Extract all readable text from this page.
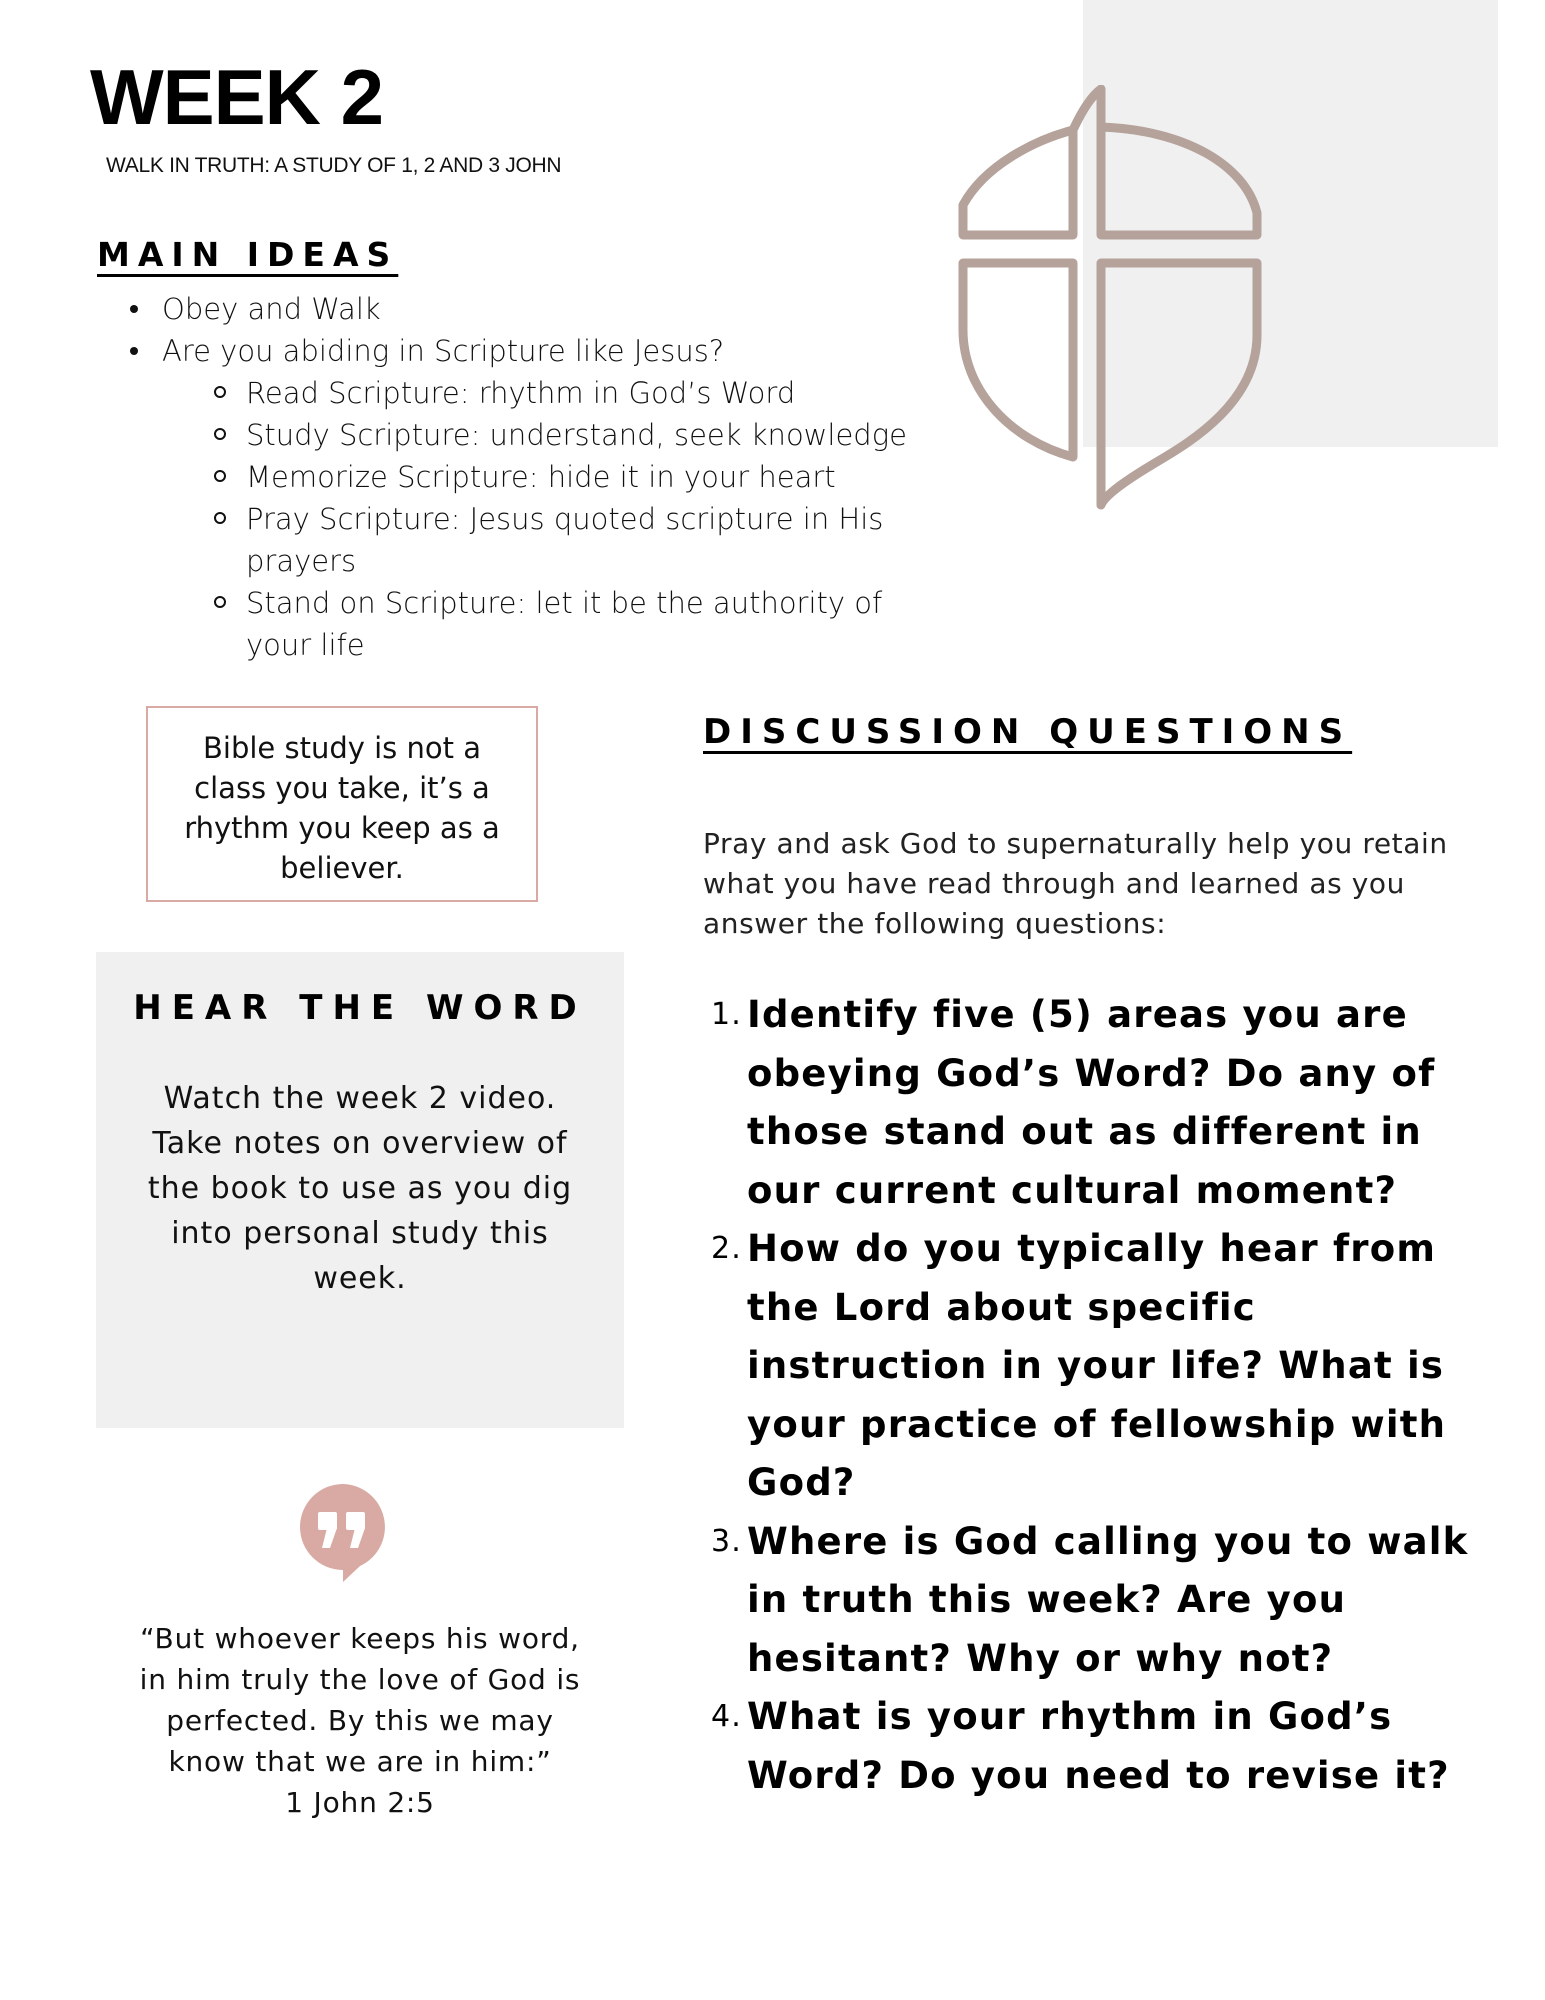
WEEK 2
WALK IN TRUTH: A STUDY OF 1, 2 AND 3 JOHN
MAIN IDEAS
Obey and Walk
Are you abiding in Scripture like Jesus?
Read Scripture: rhythm in God’s Word
Study Scripture: understand, seek knowledge
Memorize Scripture: hide it in your heart
Pray Scripture: Jesus quoted scripture in His prayers
Stand on Scripture: let it be the authority of your life
Bible study is not a class you take, it’s a rhythm you keep as a believer.
HEAR THE WORD
Watch the week 2 video. Take notes on overview of the book to use as you dig into personal study this week.
“But whoever keeps his word, in him truly the love of God is perfected. By this we may know that we are in him:”
1 John 2:5
DISCUSSION QUESTIONS
Pray and ask God to supernaturally help you retain what you have read through and learned as you answer the following questions:
1. Identify five (5) areas you are obeying God’s Word? Do any of those stand out as different in our current cultural moment?
2. How do you typically hear from the Lord about specific instruction in your life? What is your practice of fellowship with God?
3. Where is God calling you to walk in truth this week? Are you hesitant? Why or why not?
4. What is your rhythm in God’s Word? Do you need to revise it?
